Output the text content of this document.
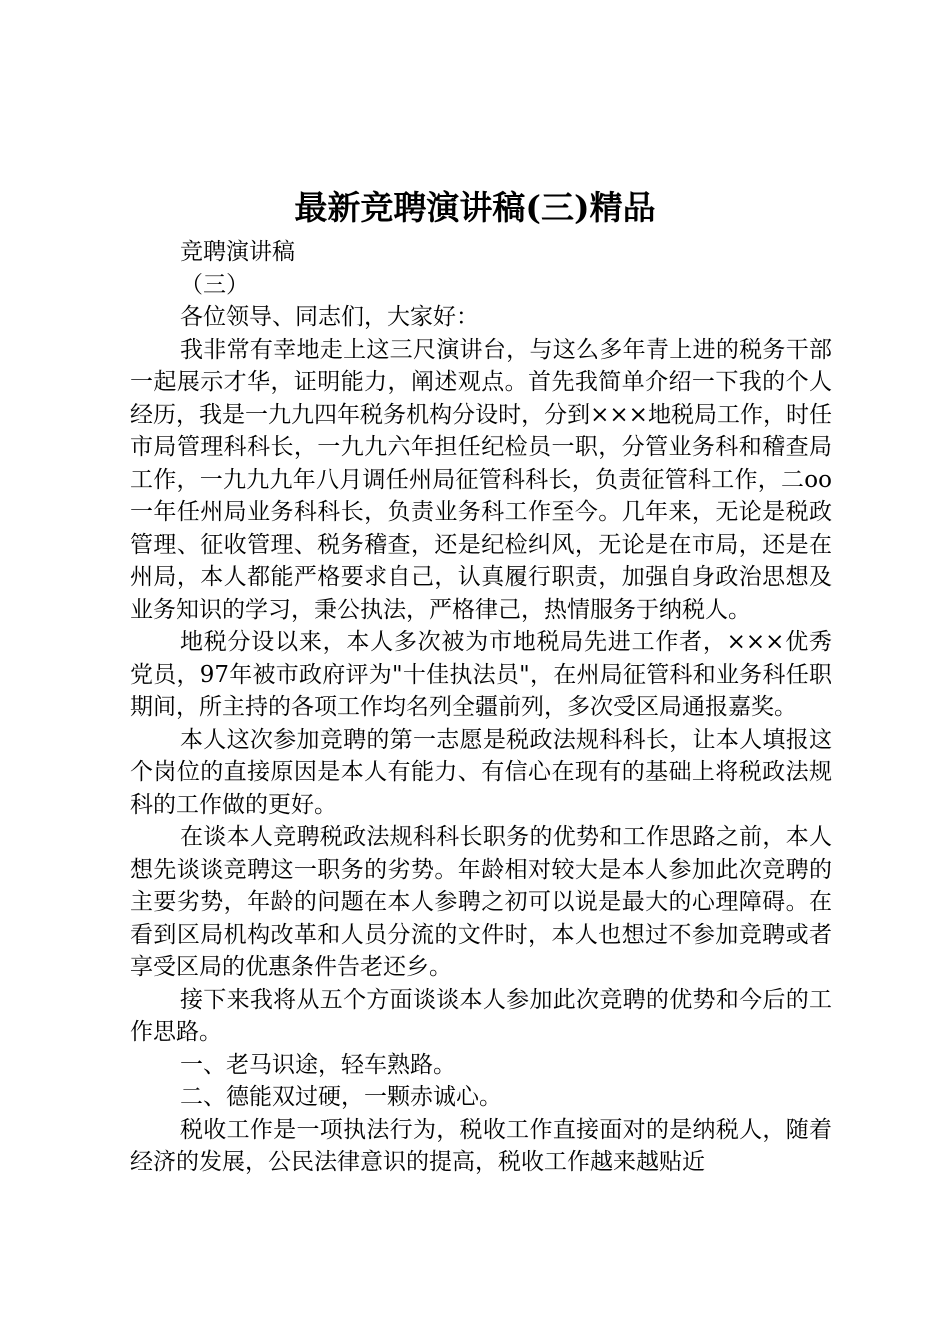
最新竞聘演讲稿(三)精品

竞聘演讲稿

（三）

各位领导、同志们，大家好：

我非常有幸地走上这三尺演讲台，与这么多年青上进的税务干部一起展示才华，证明能力，阐述观点。首先我简单介绍一下我的个人经历，我是一九九四年税务机构分设时，分到×××地税局工作，时任市局管理科科长，一九九六年担任纪检员一职，分管业务科和稽查局工作，一九九九年八月调任州局征管科科长，负责征管科工作，二oo一年任州局业务科科长，负责业务科工作至今。几年来，无论是税政管理、征收管理、税务稽查，还是纪检纠风，无论是在市局，还是在州局，本人都能严格要求自己，认真履行职责，加强自身政治思想及业务知识的学习，秉公执法，严格律己，热情服务于纳税人。

地税分设以来，本人多次被为市地税局先进工作者，×××优秀党员，97年被市政府评为"十佳执法员"，在州局征管科和业务科任职期间，所主持的各项工作均名列全疆前列，多次受区局通报嘉奖。

本人这次参加竞聘的第一志愿是税政法规科科长，让本人填报这个岗位的直接原因是本人有能力、有信心在现有的基础上将税政法规科的工作做的更好。

在谈本人竞聘税政法规科科长职务的优势和工作思路之前，本人想先谈谈竞聘这一职务的劣势。年龄相对较大是本人参加此次竞聘的主要劣势，年龄的问题在本人参聘之初可以说是最大的心理障碍。在看到区局机构改革和人员分流的文件时，本人也想过不参加竞聘或者享受区局的优惠条件告老还乡。

接下来我将从五个方面谈谈本人参加此次竞聘的优势和今后的工作思路。

一、老马识途，轻车熟路。

二、德能双过硬，一颗赤诚心。

税收工作是一项执法行为，税收工作直接面对的是纳税人，随着经济的发展，公民法律意识的提高，税收工作越来越贴近
